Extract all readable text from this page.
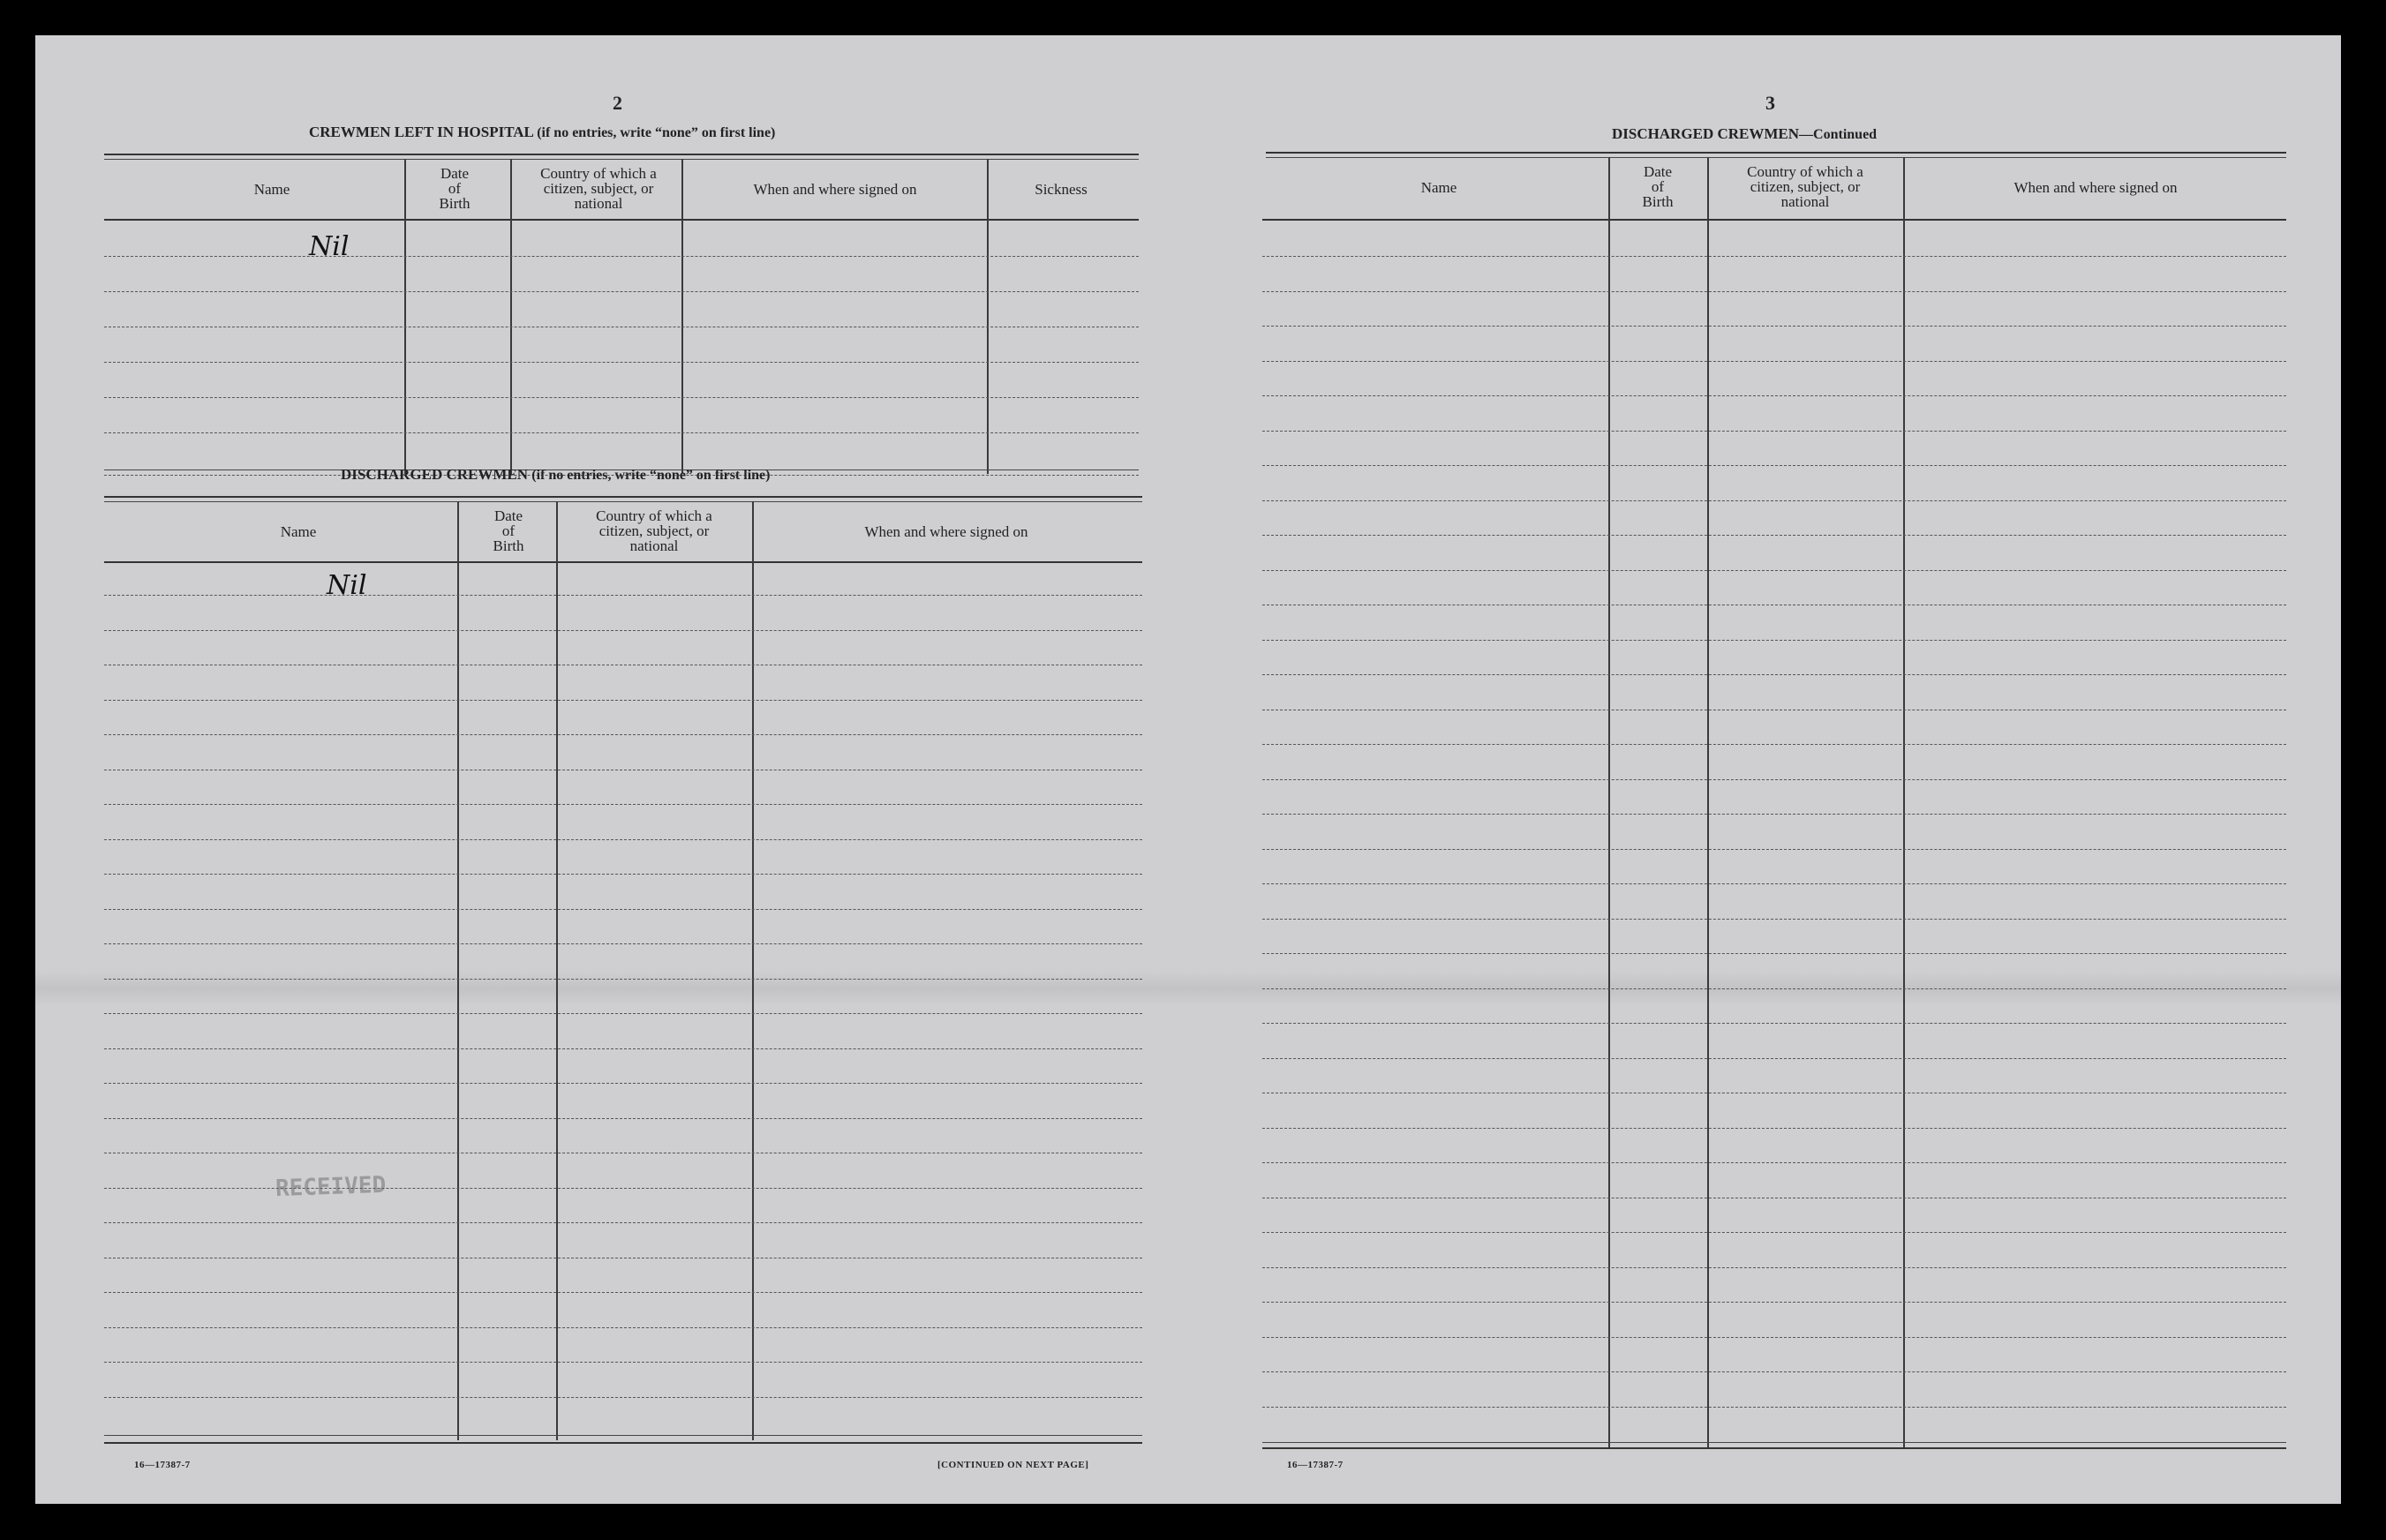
2
CREWMEN LEFT IN HOSPITAL (if no entries, write “none” on first line)
Name
Date
of
Birth
Country of which a
citizen, subject, or
national
When and where signed on	Sickness
Nil
DISCHARGED CREWMEN (if no entries, write “none” on first line)
Name
Date
of
Birth
Country of which a
citizen, subject, or
national
When and where signed on
Nil
16—17387-7	[CONTINUED ON NEXT PAGE]
RECEIVED
3
DISCHARGED CREWMEN—Continued
Name
Date
of
Birth
Country of which a
citizen, subject, or
national
When and where signed on
16—17387-7
